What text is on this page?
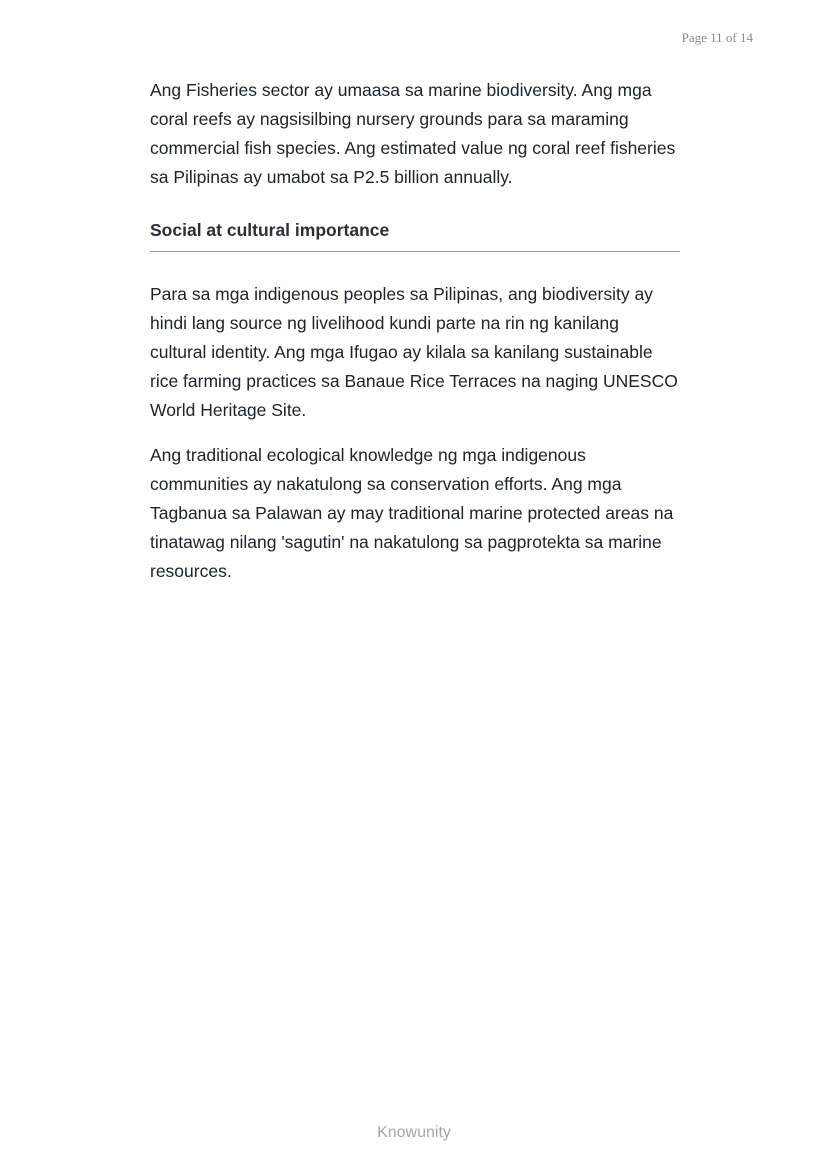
Page 11 of 14

Ang Fisheries sector ay umaasa sa marine biodiversity. Ang mga coral reefs ay nagsisilbing nursery grounds para sa maraming commercial fish species. Ang estimated value ng coral reef fisheries sa Pilipinas ay umabot sa P2.5 billion annually.

Social at cultural importance

Para sa mga indigenous peoples sa Pilipinas, ang biodiversity ay hindi lang source ng livelihood kundi parte na rin ng kanilang cultural identity. Ang mga Ifugao ay kilala sa kanilang sustainable rice farming practices sa Banaue Rice Terraces na naging UNESCO World Heritage Site.

Ang traditional ecological knowledge ng mga indigenous communities ay nakatulong sa conservation efforts. Ang mga Tagbanua sa Palawan ay may traditional marine protected areas na tinatawag nilang 'sagutin' na nakatulong sa pagprotekta sa marine resources.

Knowunity
